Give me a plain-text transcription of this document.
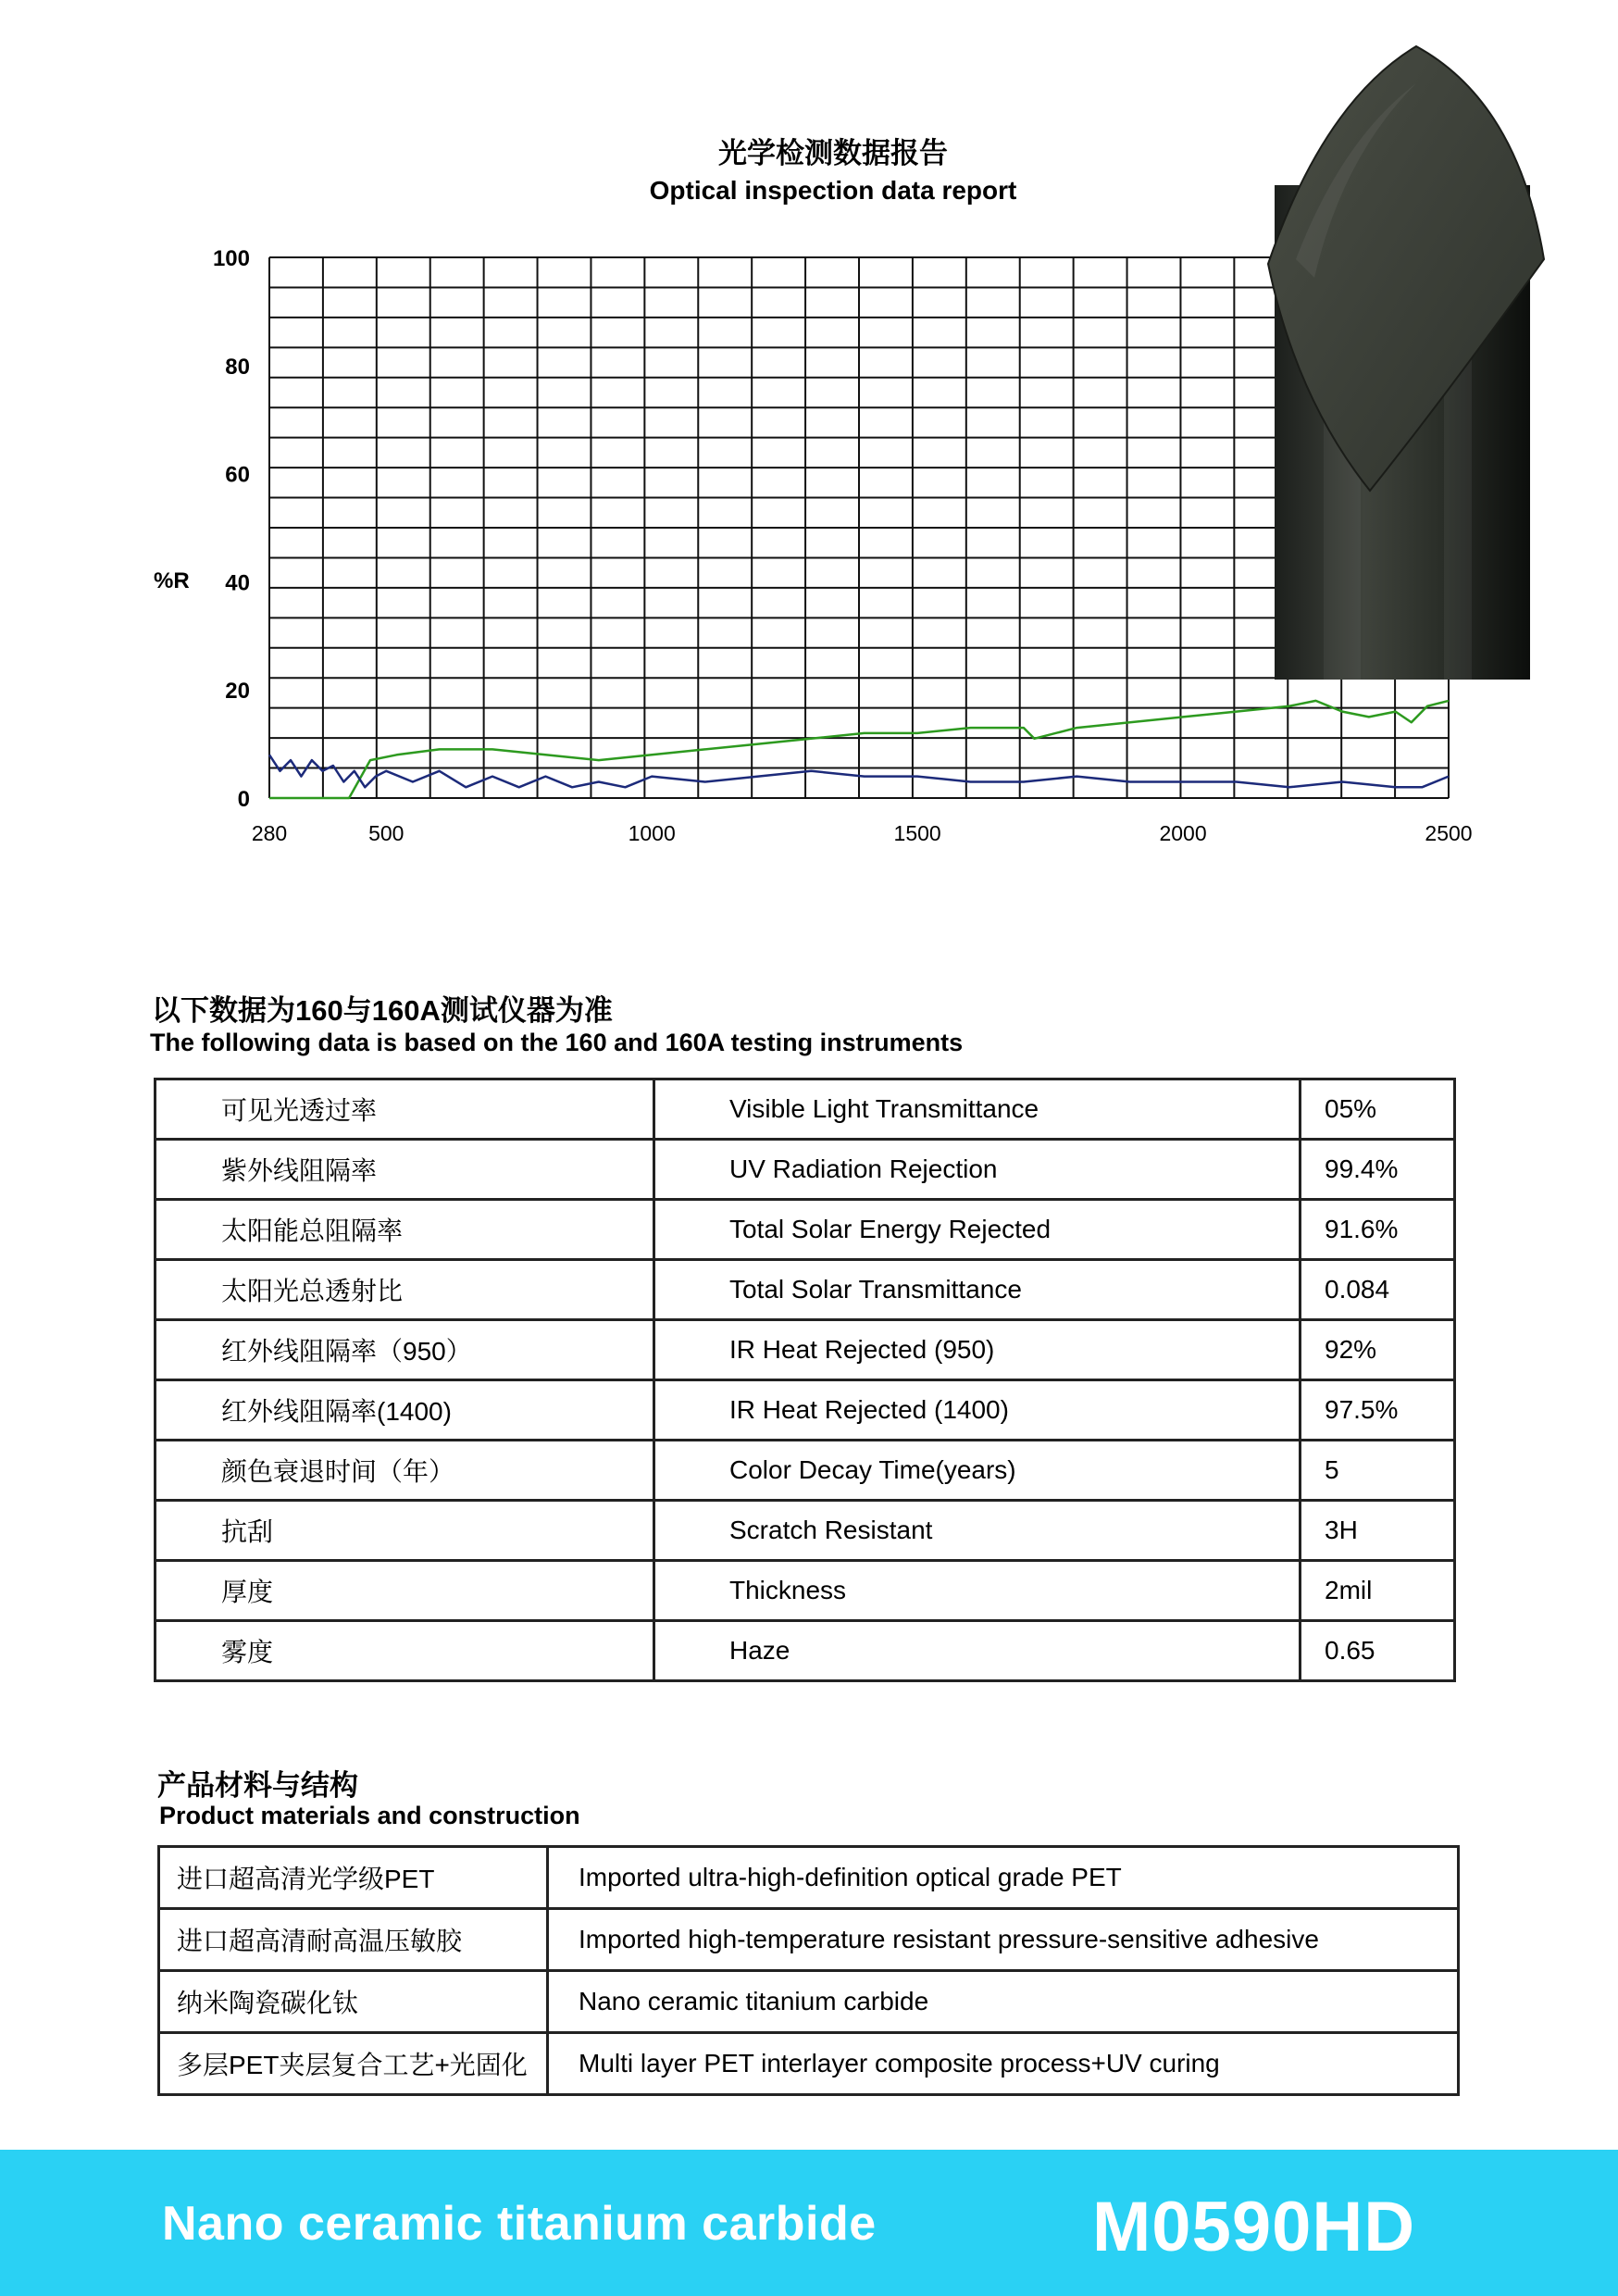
光学检测数据报告
Optical inspection data report
0
20
40
60
80
100
280	500	1000	1500	2000	2500
%R
以下数据为160与160A测试仪器为准
The following data is based on the 160 and 160A testing instruments
可见光透过率	Visible Light Transmittance	05%
紫外线阻隔率	UV Radiation Rejection	99.4%
太阳能总阻隔率	Total Solar Energy Rejected	91.6%
太阳光总透射比	Total Solar Transmittance	0.084
红外线阻隔率（950）	IR Heat Rejected (950)	92%
红外线阻隔率(1400)	IR Heat Rejected (1400)	97.5%
颜色衰退时间（年）	Color Decay Time(years)	5
抗刮	Scratch Resistant	3H
厚度	Thickness	2mil
雾度	Haze	0.65
产品材料与结构
Product materials and construction
进口超高清光学级PET	Imported ultra-high-definition optical grade PET
进口超高清耐高温压敏胶	Imported high-temperature resistant pressure-sensitive adhesive
纳米陶瓷碳化钛	Nano ceramic titanium carbide
多层PET夹层复合工艺+光固化	Multi layer PET interlayer composite process+UV curing
Nano ceramic titanium carbide	M0590HD
